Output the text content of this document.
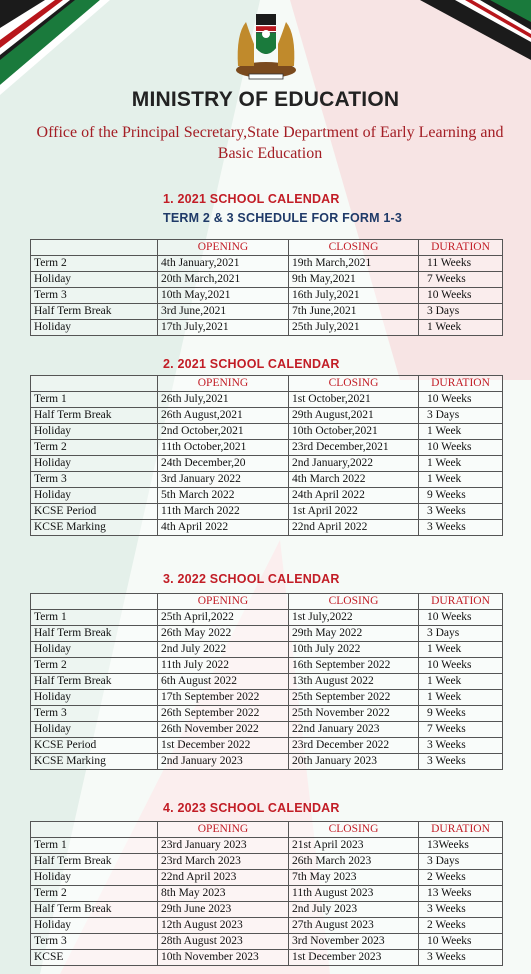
MINISTRY OF EDUCATION
Office of the Principal Secretary,State Department of Early Learning and Basic Education
1. 2021 SCHOOL CALENDAR
TERM 2 & 3 SCHEDULE FOR FORM 1-3
	OPENING	CLOSING	DURATION
Term 2	4th January,2021	19th March,2021	11 Weeks
Holiday	20th March,2021	9th May,2021	7 Weeks
Term 3	10th May,2021	16th July,2021	10 Weeks
Half Term Break	3rd June,2021	7th June,2021	3 Days
Holiday	17th July,2021	25th July,2021	1 Week
2. 2021 SCHOOL CALENDAR
	OPENING	CLOSING	DURATION
Term 1	26th July,2021	1st October,2021	10 Weeks
Half Term Break	26th August,2021	29th August,2021	3 Days
Holiday	2nd October,2021	10th October,2021	1 Week
Term 2	11th October,2021	23rd December,2021	10 Weeks
Holiday	24th December,20	2nd January,2022	1 Week
Term 3	3rd January 2022	4th March 2022	1 Week
Holiday	5th March 2022	24th April 2022	9 Weeks
KCSE Period	11th March 2022	1st April 2022	3 Weeks
KCSE Marking	4th April 2022	22nd April 2022	3 Weeks
3. 2022 SCHOOL CALENDAR
	OPENING	CLOSING	DURATION
Term 1	25th April,2022	1st July,2022	10 Weeks
Half Term Break	26th May 2022	29th May 2022	3 Days
Holiday	2nd July 2022	10th July 2022	1 Week
Term 2	11th July 2022	16th September 2022	10 Weeks
Half Term Break	6th August 2022	13th August 2022	1 Week
Holiday	17th September 2022	25th September 2022	1 Week
Term 3	26th September 2022	25th November 2022	9 Weeks
Holiday	26th November 2022	22nd January 2023	7 Weeks
KCSE Period	1st December 2022	23rd December 2022	3 Weeks
KCSE Marking	2nd January 2023	20th January 2023	3 Weeks
4. 2023 SCHOOL CALENDAR
	OPENING	CLOSING	DURATION
Term 1	23rd January 2023	21st April 2023	13Weeks
Half Term Break	23rd March 2023	26th March 2023	3 Days
Holiday	22nd April 2023	7th May 2023	2 Weeks
Term 2	8th May 2023	11th August 2023	13 Weeks
Half Term Break	29th June 2023	2nd July 2023	3 Weeks
Holiday	12th August 2023	27th August 2023	2 Weeks
Term 3	28th August 2023	3rd November 2023	10 Weeks
KCSE	10th November 2023	1st December 2023	3 Weeks
